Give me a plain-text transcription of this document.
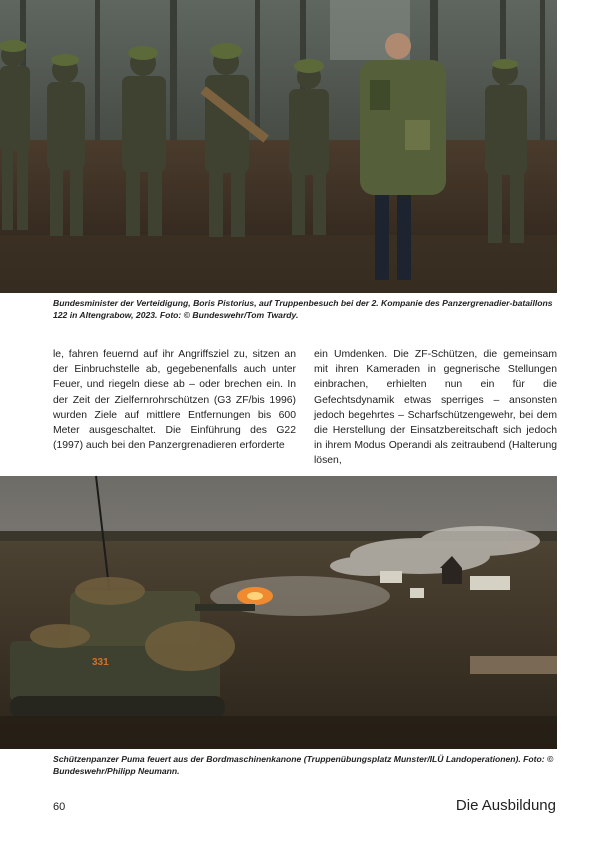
Bundesminister der Verteidigung, Boris Pistorius, auf Truppenbesuch bei der 2. Kompanie des Panzergrenadier-bataillons 122 in Altengrabow, 2023. Foto: © Bundeswehr/Tom Twardy.
le, fahren feuernd auf ihr Angriffsziel zu, sitzen an der Einbruchstelle ab, gegebenenfalls auch unter Feuer, und riegeln diese ab – oder brechen ein. In der Zeit der Zielfernrohrschützen (G3 ZF/bis 1996) wurden Ziele auf mittlere Entfernungen bis 600 Meter ausgeschaltet. Die Einführung des G22 (1997) auch bei den Panzergrenadieren erforderte
ein Umdenken. Die ZF-Schützen, die gemeinsam mit ihren Kameraden in gegnerische Stellungen einbrachen, erhielten nun ein für die Gefechtsdynamik etwas sperriges – ansonsten jedoch begehrtes – Scharfschützengewehr, bei dem die Herstellung der Einsatzbereitschaft sich jedoch in ihrem Modus Operandi als zeitraubend (Halterung lösen,
331
Schützenpanzer Puma feuert aus der Bordmaschinenkanone (Truppenübungsplatz Munster/ILÜ Landoperationen). Foto: © Bundeswehr/Philipp Neumann.
60	Die Ausbildung
